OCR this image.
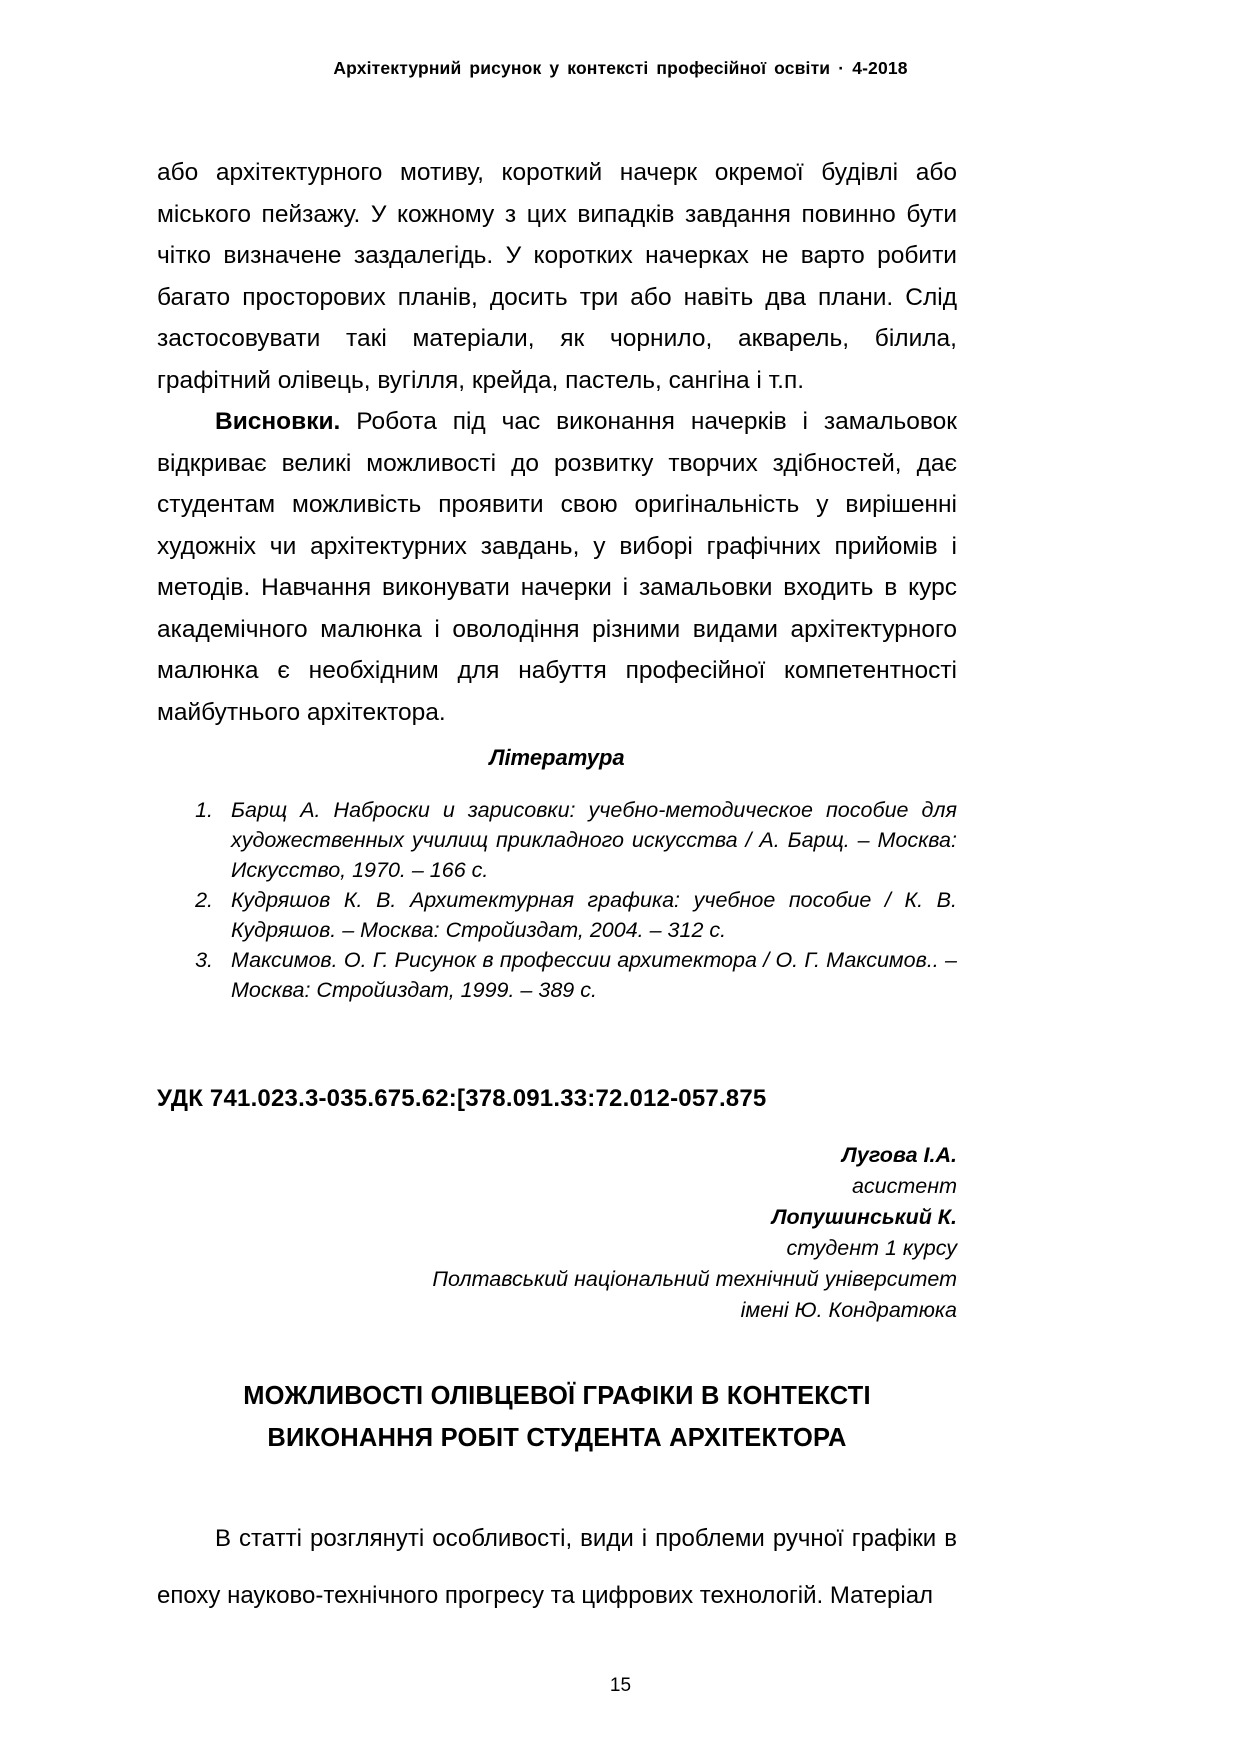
Архітектурний рисунок у контексті професійної освіти · 4-2018

або архітектурного мотиву, короткий начерк окремої будівлі або міського пейзажу. У кожному з цих випадків завдання повинно бути чітко визначене заздалегідь. У коротких начерках не варто робити багато просторових планів, досить три або навіть два плани. Слід застосовувати такі матеріали, як чорнило, акварель, білила, графітний олівець, вугілля, крейда, пастель, сангіна і т.п.

Висновки. Робота під час виконання начерків і замальовок відкриває великі можливості до розвитку творчих здібностей, дає студентам можливість проявити свою оригінальність у вирішенні художніх чи архітектурних завдань, у виборі графічних прийомів і методів. Навчання виконувати начерки і замальовки входить в курс академічного малюнка і оволодіння різними видами архітектурного малюнка є необхідним для набуття професійної компетентності майбутнього архітектора.

Література
1. Барщ А. Наброски и зарисовки: учебно-методическое пособие для художественных училищ прикладного искусства / А. Барщ. – Москва: Искусство, 1970. – 166 с.
2. Кудряшов К. В. Архитектурная графика: учебное пособие / К. В. Кудряшов. – Москва: Стройиздат, 2004. – 312 с.
3. Максимов. О. Г. Рисунок в профессии архитектора / О. Г. Максимов.. – Москва: Стройиздат, 1999. – 389 с.
УДК 741.023.3-035.675.62:[378.091.33:72.012-057.875
Лугова І.А.
асистент
Лопушинський К.
студент 1 курсу
Полтавський національний технічний університет
імені Ю. Кондратюка
МОЖЛИВОСТІ ОЛІВЦЕВОЇ ГРАФІКИ В КОНТЕКСТІ
ВИКОНАННЯ РОБІТ СТУДЕНТА АРХІТЕКТОРА
В статті розглянуті особливості, види і проблеми ручної графіки в епоху науково-технічного прогресу та цифрових технологій. Матеріал
15
